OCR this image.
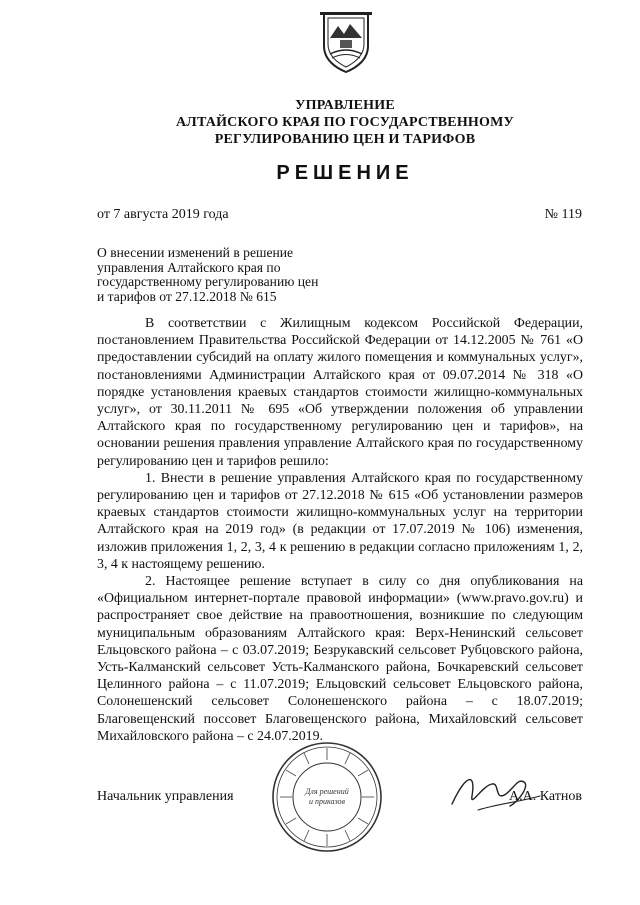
УПРАВЛЕНИЕ
АЛТАЙСКОГО КРАЯ ПО ГОСУДАРСТВЕННОМУ
РЕГУЛИРОВАНИЮ ЦЕН И ТАРИФОВ
РЕШЕНИЕ
от 7 августа 2019 года	№ 119
О внесении изменений в решение
управления Алтайского края по
государственному регулированию цен
и тарифов от 27.12.2018 № 615

В соответствии с Жилищным кодексом Российской Федерации, постановлением Правительства Российской Федерации от 14.12.2005 № 761 «О предоставлении субсидий на оплату жилого помещения и коммунальных услуг», постановлениями Администрации Алтайского края от 09.07.2014 № 318 «О порядке установления краевых стандартов стоимости жилищно-коммунальных услуг», от 30.11.2011 № 695 «Об утверждении положения об управлении Алтайского края по государственному регулированию цен и тарифов», на основании решения правления управление Алтайского края по государственному регулированию цен и тарифов решило:

1. Внести в решение управления Алтайского края по государственному регулированию цен и тарифов от 27.12.2018 № 615 «Об установлении размеров краевых стандартов стоимости жилищно-коммунальных услуг на территории Алтайского края на 2019 год» (в редакции от 17.07.2019 № 106) изменения, изложив приложения 1, 2, 3, 4 к решению в редакции согласно приложениям 1, 2, 3, 4 к настоящему решению.

2. Настоящее решение вступает в силу со дня опубликования на «Официальном интернет-портале правовой информации» (www.pravo.gov.ru) и распространяет свое действие на правоотношения, возникшие по следующим муниципальным образованиям Алтайского края: Верх-Ненинский сельсовет Ельцовского района – с 03.07.2019; Безрукавский сельсовет Рубцовского района, Усть-Калманский сельсовет Усть-Калманского района, Бочкаревский сельсовет Целинного района – с 11.07.2019; Ельцовский сельсовет Ельцовского района, Солонешенский сельсовет Солонешенского района – с 18.07.2019; Благовещенский поссовет Благовещенского района, Михайловский сельсовет Михайловского района – с 24.07.2019.

Начальник управления	Для решений
и приказов	А.А. Катнов
